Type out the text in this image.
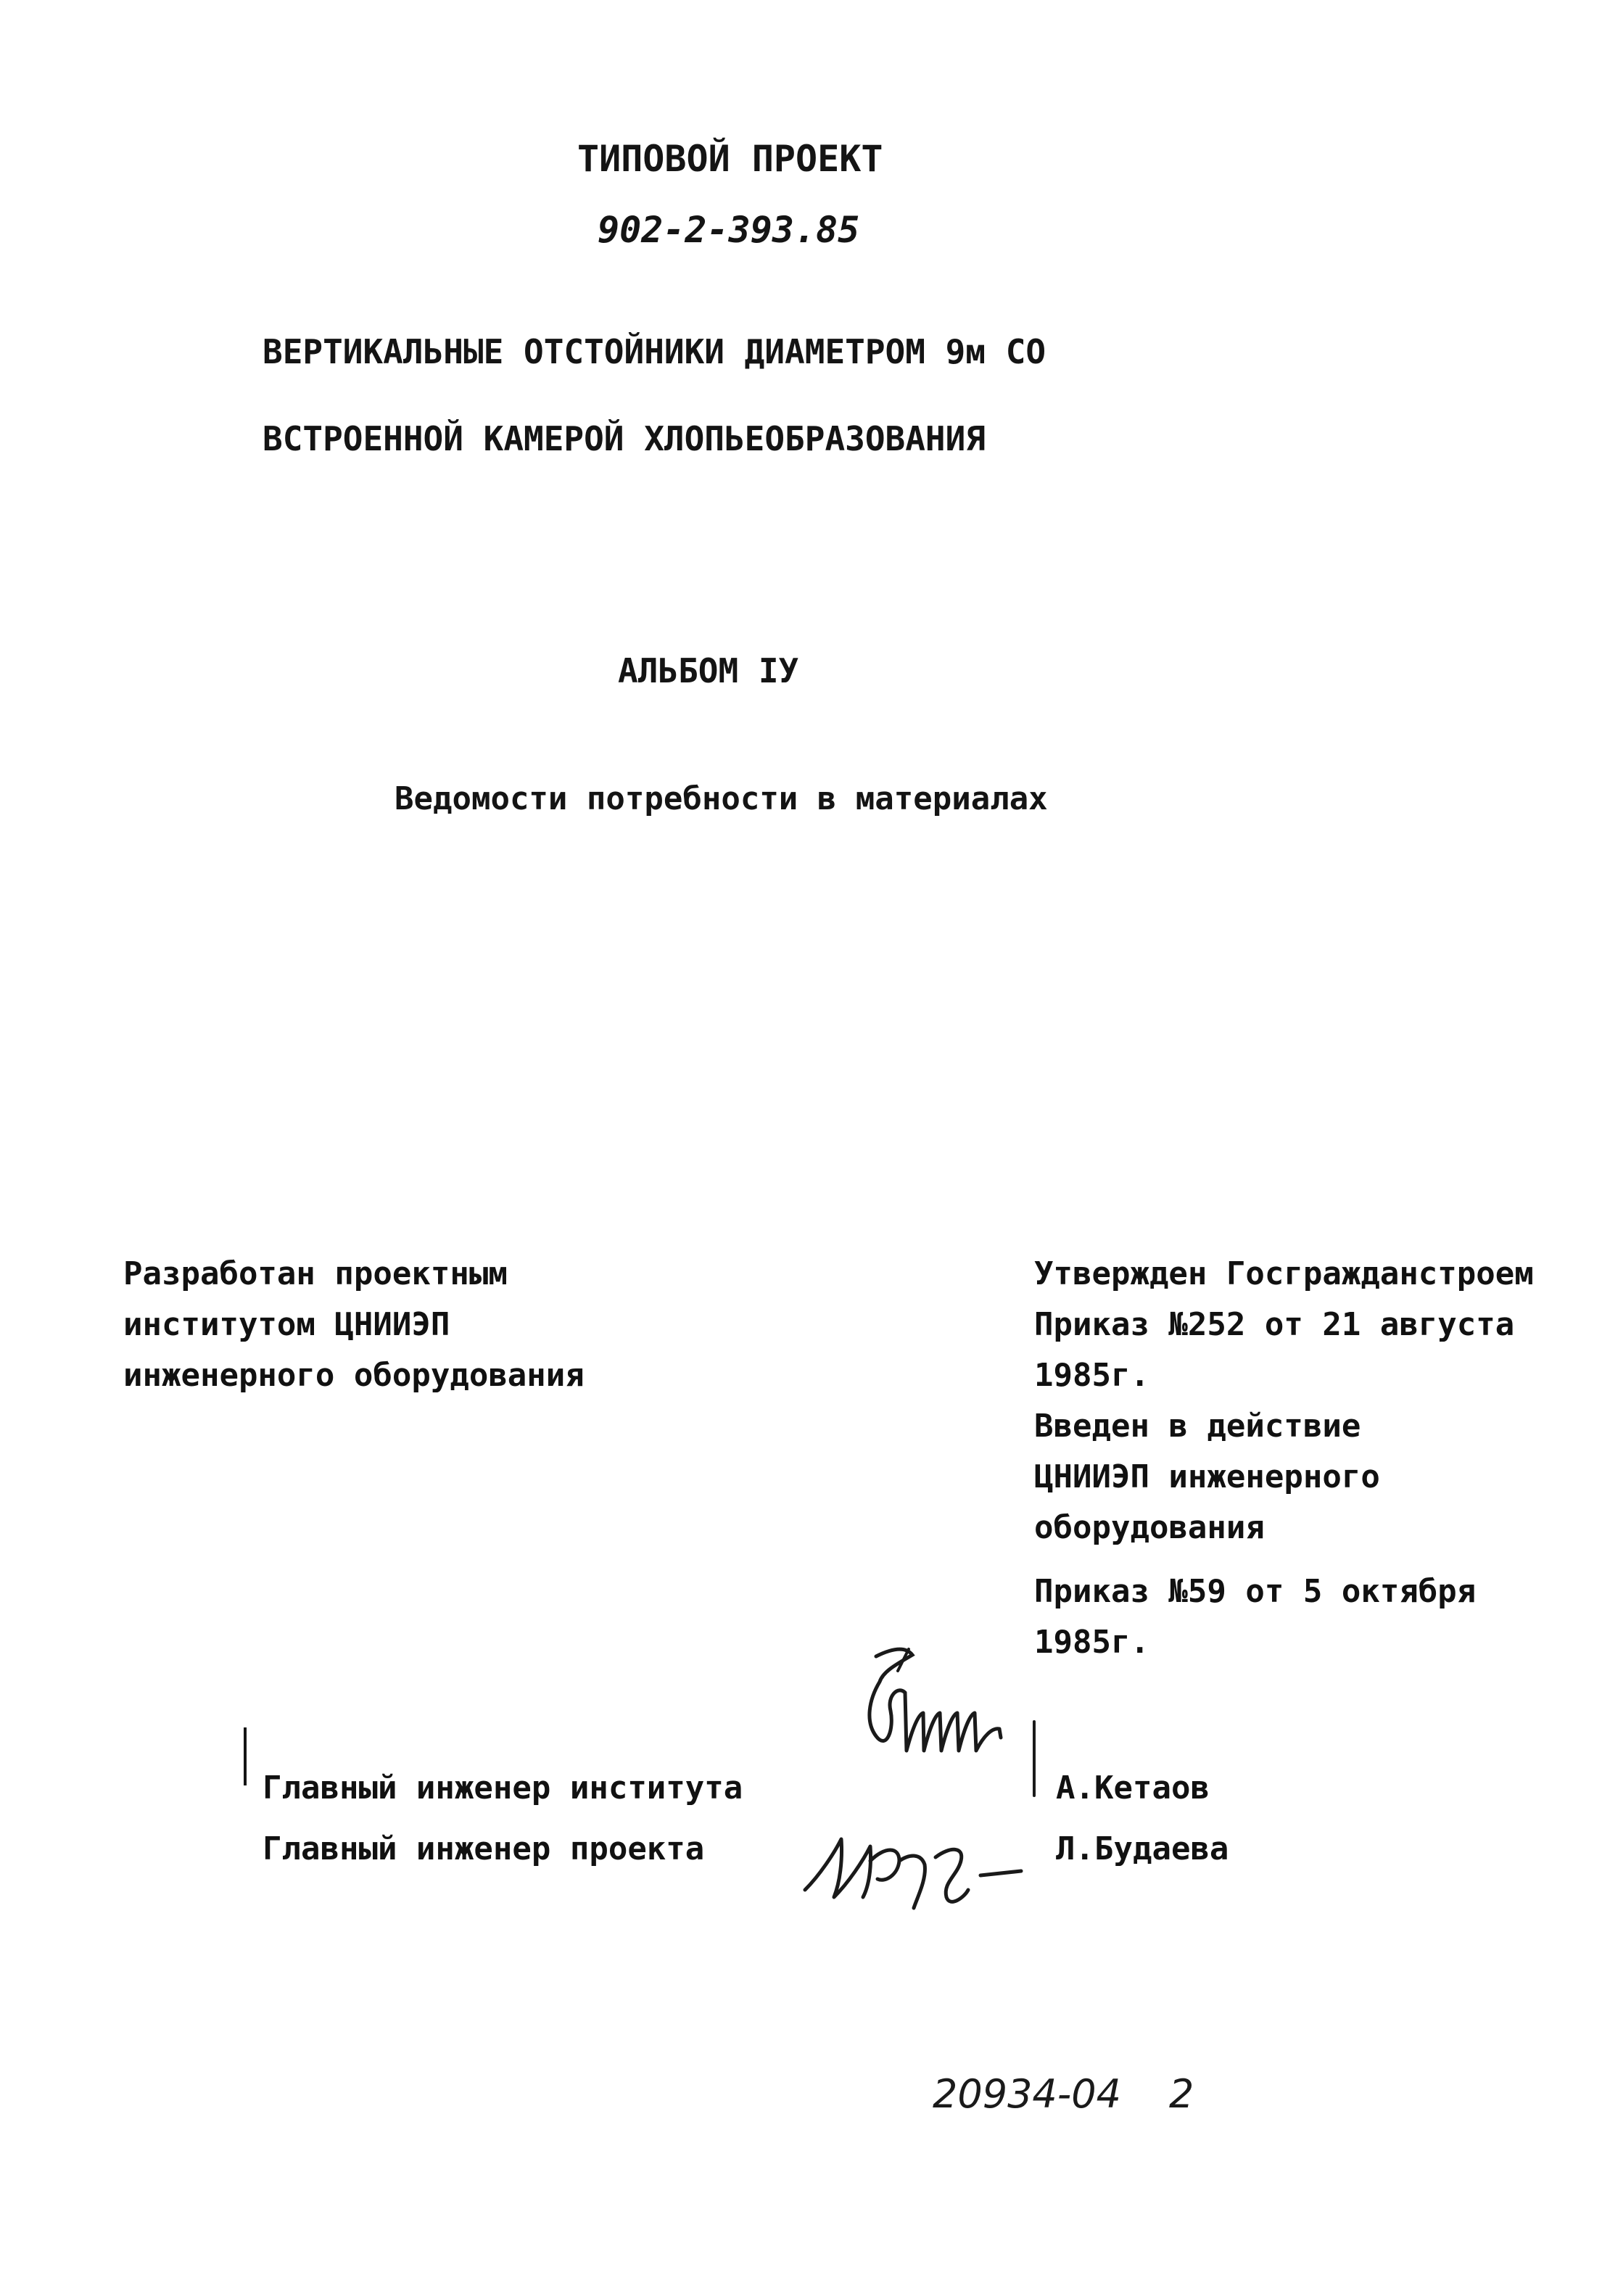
ТИПОВОЙ ПРОЕКТ
902-2-393.85
ВЕРТИКАЛЬНЫЕ ОТСТОЙНИКИ ДИАМЕТРОМ 9м СО
ВСТРОЕННОЙ КАМЕРОЙ ХЛОПЬЕОБРАЗОВАНИЯ
АЛЬБОМ IУ
Ведомости потребности в материалах
Разработан проектным
институтом ЦНИИЭП
инженерного оборудования
Утвержден Госгражданстроем
Приказ №252 от 21 августа
1985г.
Введен в действие
ЦНИИЭП инженерного
оборудования
Приказ №59 от 5 октября
1985г.
Главный инженер института	А.Кетаов
Главный инженер проекта	Л.Будаева
20934-04 2
